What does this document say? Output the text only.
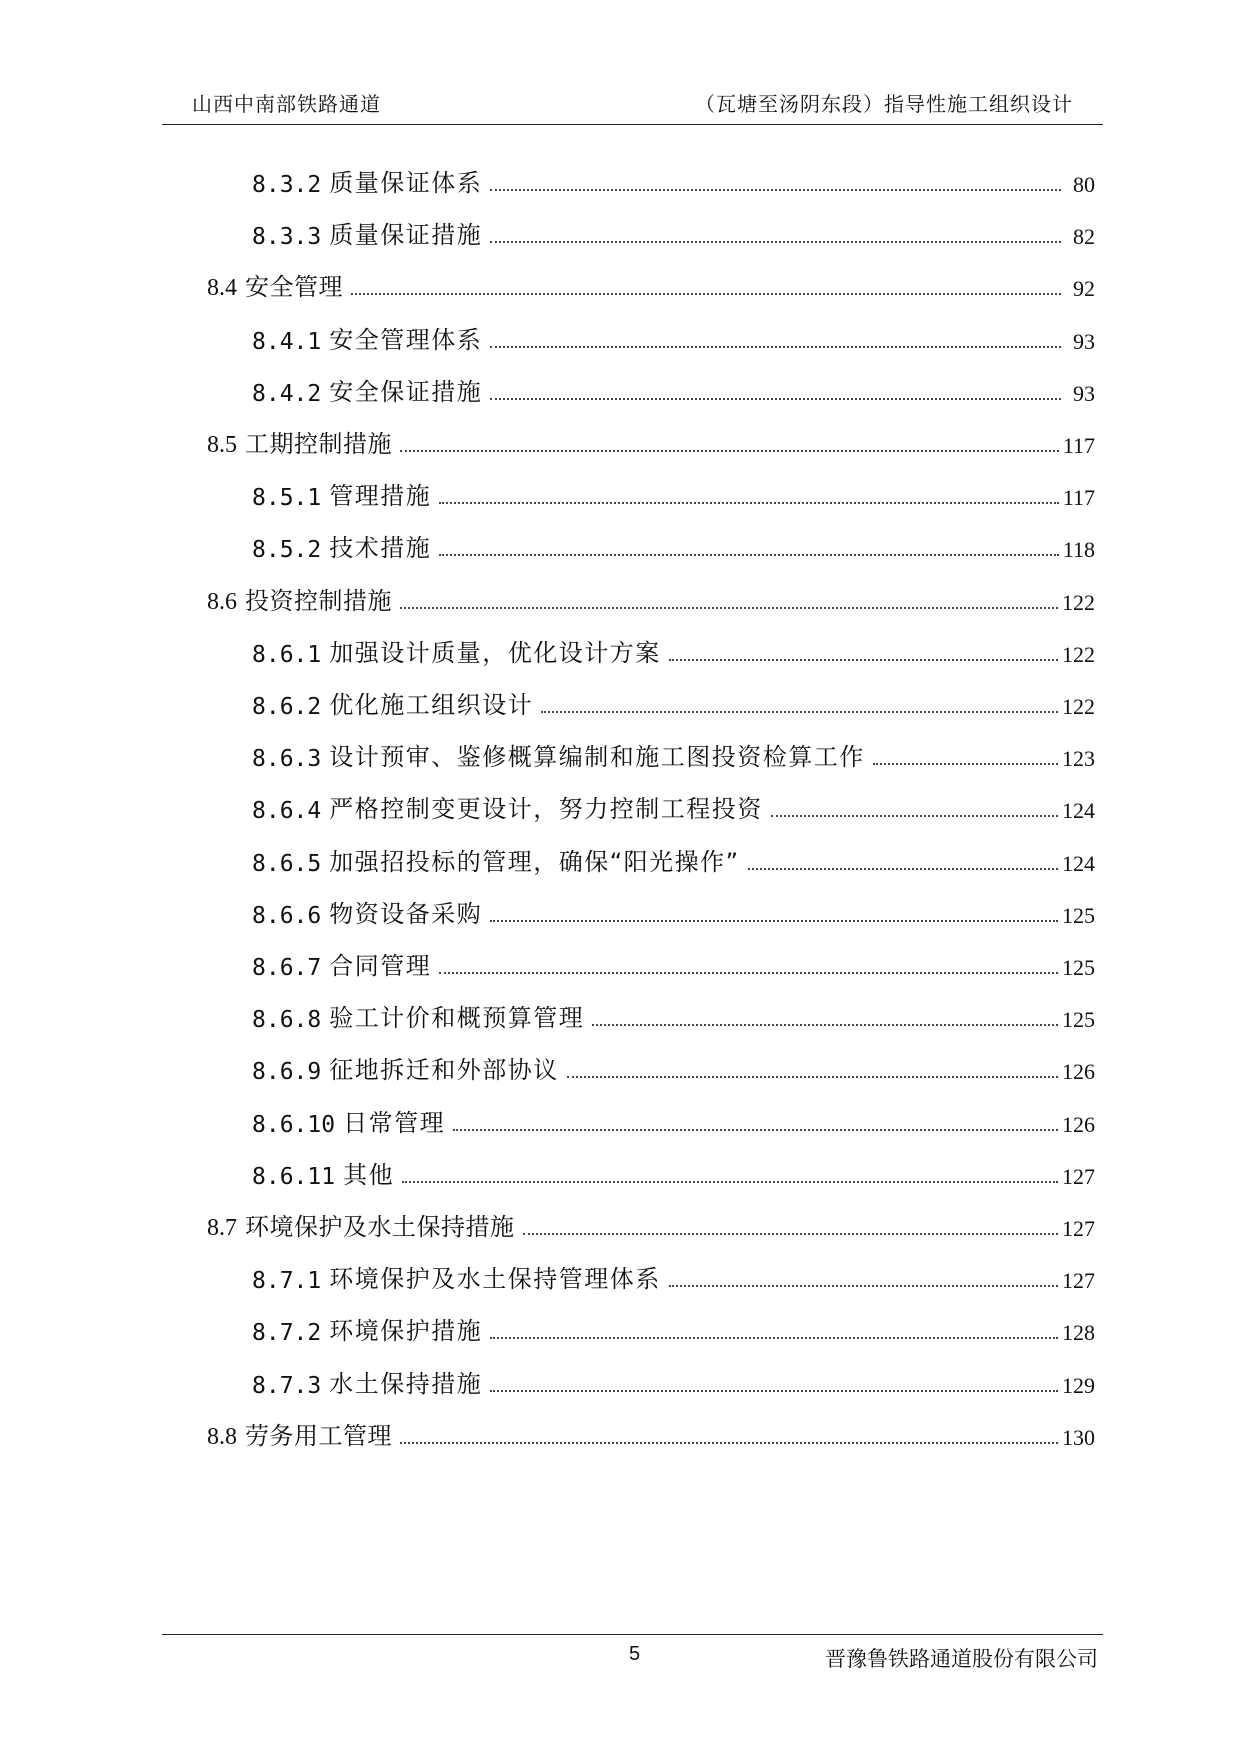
山西中南部铁路通道	（瓦塘至汤阴东段）指导性施工组织设计
8.3.2 质量保证体系	80
8.3.3 质量保证措施	82
8.4 安全管理	92
8.4.1 安全管理体系	93
8.4.2 安全保证措施	93
8.5 工期控制措施	117
8.5.1 管理措施	117
8.5.2 技术措施	118
8.6 投资控制措施	122
8.6.1 加强设计质量，优化设计方案	122
8.6.2 优化施工组织设计	122
8.6.3 设计预审、鉴修概算编制和施工图投资检算工作	123
8.6.4 严格控制变更设计，努力控制工程投资	124
8.6.5 加强招投标的管理，确保“阳光操作”	124
8.6.6 物资设备采购	125
8.6.7 合同管理	125
8.6.8 验工计价和概预算管理	125
8.6.9 征地拆迁和外部协议	126
8.6.10 日常管理	126
8.6.11 其他	127
8.7 环境保护及水土保持措施	127
8.7.1 环境保护及水土保持管理体系	127
8.7.2 环境保护措施	128
8.7.3 水土保持措施	129
8.8 劳务用工管理	130
5	晋豫鲁铁路通道股份有限公司
